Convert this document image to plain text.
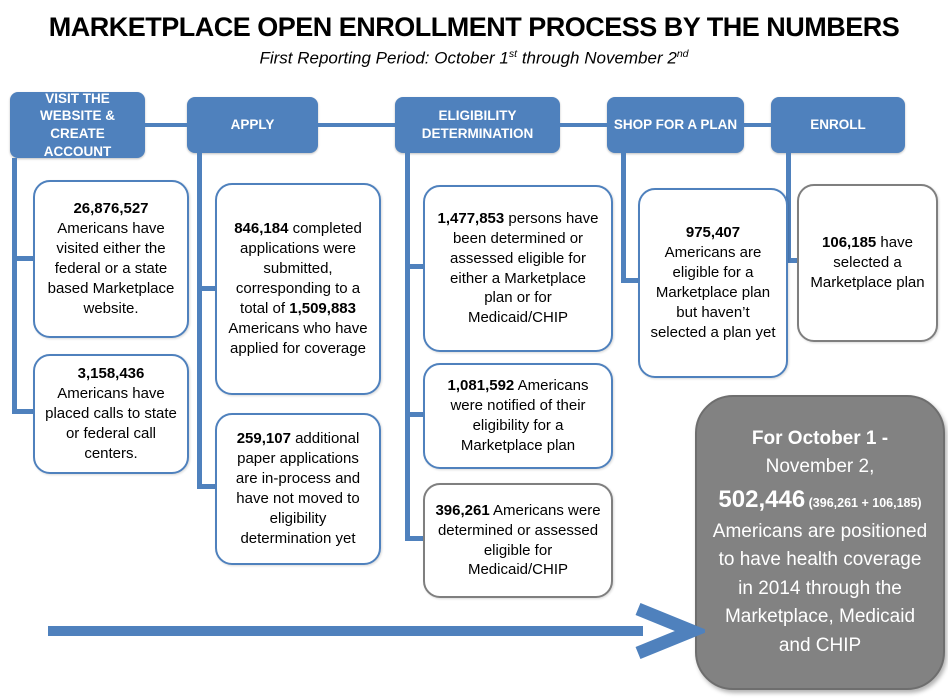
MARKETPLACE OPEN ENROLLMENT PROCESS BY THE NUMBERS
First Reporting Period: October 1st through November 2nd
VISIT THE WEBSITE & CREATE ACCOUNT
APPLY
ELIGIBILITY DETERMINATION
SHOP FOR A PLAN	ENROLL
26,876,527
Americans have visited either the federal or a state based Marketplace website.
3,158,436
Americans have placed calls to state or federal call centers.
846,184 completed applications were submitted, corresponding to a total of 1,509,883 Americans who have applied for coverage
259,107 additional paper applications are in-process and have not moved to eligibility determination yet
1,477,853 persons have been determined or assessed eligible for either a Marketplace plan or for Medicaid/CHIP
1,081,592 Americans were notified of their eligibility for a Marketplace plan
396,261 Americans were determined or assessed eligible for Medicaid/CHIP
975,407
Americans are eligible for a Marketplace plan but haven’t selected a plan yet
106,185 have selected a Marketplace plan
For October 1 -
November 2, 502,446 (396,261 + 106,185) Americans are positioned to have health coverage in 2014 through the Marketplace, Medicaid and CHIP
